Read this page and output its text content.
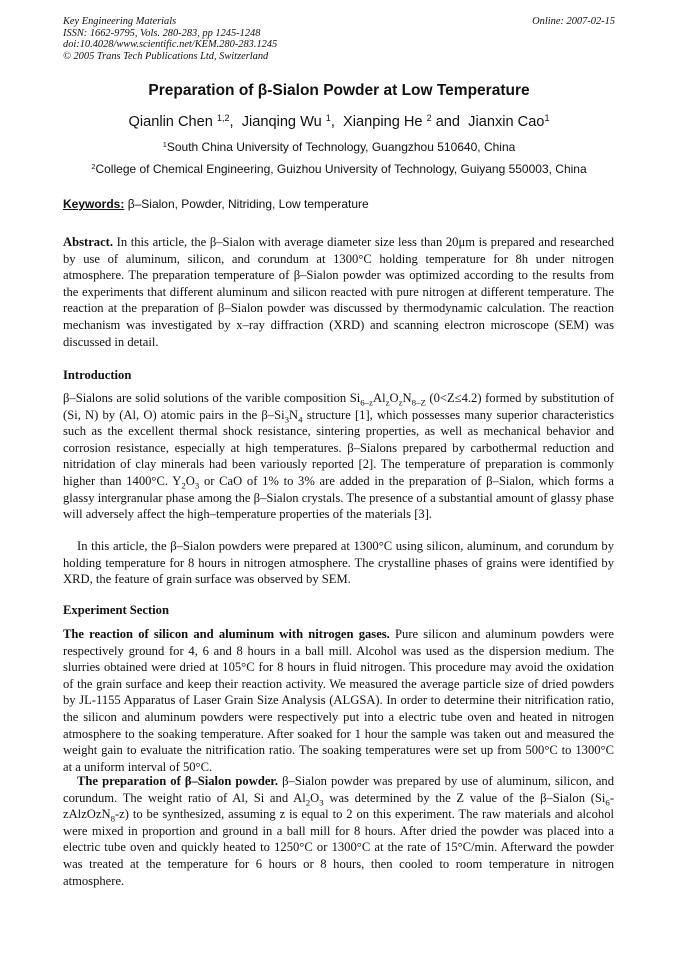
Key Engineering Materials
ISSN: 1662-9795, Vols. 280-283, pp 1245-1248
doi:10.4028/www.scientific.net/KEM.280-283.1245
© 2005 Trans Tech Publications Ltd, Switzerland
Online: 2007-02-15
Preparation of β-Sialon Powder at Low Temperature
Qianlin Chen $^{1,2}$,  Jianqing Wu $^1$,  Xianping He $^2$ and  Jianxin Cao$^1$
$^1$South China University of Technology, Guangzhou 510640, China
$^2$College of Chemical Engineering, Guizhou University of Technology, Guiyang 550003, China
Keywords: β–Sialon, Powder, Nitriding, Low temperature
Abstract. In this article, the β–Sialon with average diameter size less than 20μm is prepared and researched by use of aluminum, silicon, and corundum at 1300°C holding temperature for 8h under nitrogen atmosphere. The preparation temperature of β–Sialon powder was optimized according to the results from the experiments that different aluminum and silicon reacted with pure nitrogen at different temperature. The reaction at the preparation of β–Sialon powder was discussed by thermodynamic calculation. The reaction mechanism was investigated by x–ray diffraction (XRD) and scanning electron microscope (SEM) was discussed in detail.
Introduction
β–Sialons are solid solutions of the varible composition $Si_{6-z}Al_zO_zN_{8-Z}$ (0<Z≤4.2) formed by substitution of (Si, N) by (Al, O) atomic pairs in the $\beta-Si_3N_4$ structure [1], which possesses many superior characteristics such as the excellent thermal shock resistance, sintering properties, as well as mechanical behavior and corrosion resistance, especially at high temperatures. β–Sialons prepared by carbothermal reduction and nitridation of clay minerals had been variously reported [2]. The temperature of preparation is commonly higher than 1400°C. $Y_2O_3$ or CaO of 1% to 3% are added in the preparation of β–Sialon, which forms a glassy intergranular phase among the β–Sialon crystals. The presence of a substantial amount of glassy phase will adversely affect the high–temperature properties of the materials [3].
In this article, the β–Sialon powders were prepared at 1300°C using silicon, aluminum, and corundum by holding temperature for 8 hours in nitrogen atmosphere. The crystalline phases of grains were identified by XRD, the feature of grain surface was observed by SEM.
Experiment Section
The reaction of silicon and aluminum with nitrogen gases. Pure silicon and aluminum powders were respectively ground for 4, 6 and 8 hours in a ball mill. Alcohol was used as the dispersion medium. The slurries obtained were dried at 105°C for 8 hours in fluid nitrogen. This procedure may avoid the oxidation of the grain surface and keep their reaction activity. We measured the average particle size of dried powders by JL-1155 Apparatus of Laser Grain Size Analysis (ALGSA). In order to determine their nitrification ratio, the silicon and aluminum powders were respectively put into a electric tube oven and heated in nitrogen atmosphere to the soaking temperature. After soaked for 1 hour the sample was taken out and measured the weight gain to evaluate the nitrification ratio. The soaking temperatures were set up from 500°C to 1300°C at a uniform interval of 50°C.
The preparation of β–Sialon powder. β–Sialon powder was prepared by use of aluminum, silicon, and corundum. The weight ratio of Al, Si and $Al_2O_3$ was determined by the Z value of the β–Sialon $(Si_6-zAlzOzN_8-z)$ to be synthesized, assuming z is equal to 2 on this experiment. The raw materials and alcohol were mixed in proportion and ground in a ball mill for 8 hours. After dried the powder was placed into a electric tube oven and quickly heated to 1250°C or 1300°C at the rate of 15°C/min. Afterward the powder was treated at the temperature for 6 hours or 8 hours, then cooled to room temperature in nitrogen atmosphere.
